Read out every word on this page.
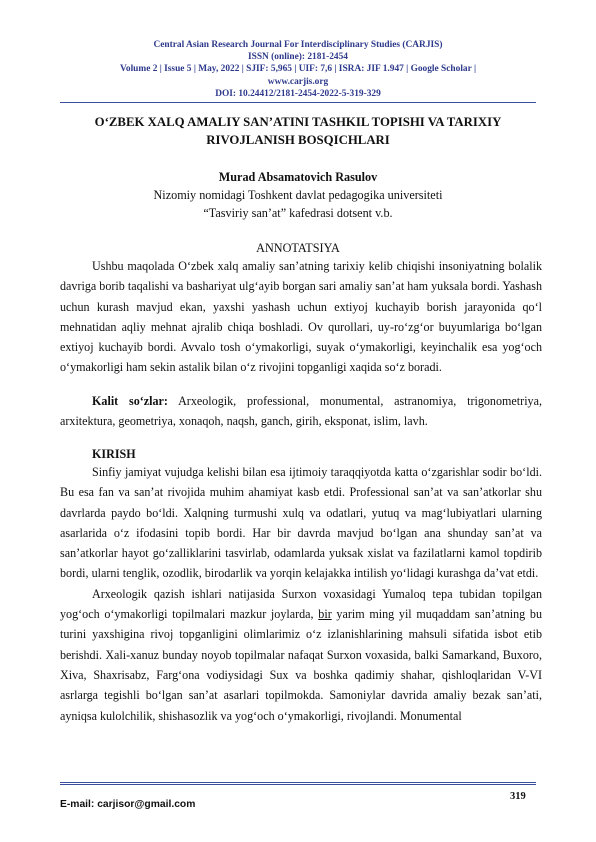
Central Asian Research Journal For Interdisciplinary Studies (CARJIS)
ISSN (online): 2181-2454
Volume 2 | Issue 5 | May, 2022 | SJIF: 5,965 | UIF: 7,6 | ISRA: JIF 1.947 | Google Scholar |
www.carjis.org
DOI: 10.24412/2181-2454-2022-5-319-329
O‘ZBEK XALQ AMALIY SAN’ATINI TASHKIL TOPISHI VA TARIXIY
RIVOJLANISH BOSQICHLARI
Murad Absamatovich Rasulov
Nizomiy nomidagi Toshkent davlat pedagogika universiteti
“Tasviriy san’at” kafedrasi dotsent v.b.
ANNOTATSIYA

Ushbu maqolada O‘zbek xalq amaliy san’atning tarixiy kelib chiqishi insoniyatning bolalik davriga borib taqalishi va bashariyat ulg‘ayib borgan sari amaliy san’at ham yuksala bordi. Yashash uchun kurash mavjud ekan, yaxshi yashash uchun extiyoj kuchayib borish jarayonida qo‘l mehnatidan aqliy mehnat ajralib chiqa boshladi. Ov qurollari, uy-ro‘zg‘or buyumlariga bo‘lgan extiyoj kuchayib bordi. Avvalo tosh o‘ymakorligi, suyak o‘ymakorligi, keyinchalik esa yog‘och o‘ymakorligi ham sekin astalik bilan o‘z rivojini topganligi xaqida so‘z boradi.

Kalit so‘zlar: Arxeologik, professional, monumental, astranomiya, trigonometriya, arxitektura, geometriya, xonaqoh, naqsh, ganch, girih, eksponat, islim, lavh.

KIRISH

Sinfiy jamiyat vujudga kelishi bilan esa ijtimoiy taraqqiyotda katta o‘zgarishlar sodir bo‘ldi. Bu esa fan va san’at rivojida muhim ahamiyat kasb etdi. Professional san’at va san’atkorlar shu davrlarda paydo bo‘ldi. Xalqning turmushi xulq va odatlari, yutuq va mag‘lubiyatlari ularning asarlarida o‘z ifodasini topib bordi. Har bir davrda mavjud bo‘lgan ana shunday san’at va san’atkorlar hayot go‘zalliklarini tasvirlab, odamlarda yuksak xislat va fazilatlarni kamol topdirib bordi, ularni tenglik, ozodlik, birodarlik va yorqin kelajakka intilish yo‘lidagi kurashga da’vat etdi.

Arxeologik qazish ishlari natijasida Surxon voxasidagi Yumaloq tepa tubidan topilgan yog‘och o‘ymakorligi topilmalari mazkur joylarda, bir yarim ming yil muqaddam san’atning bu turini yaxshigina rivoj topganligini olimlarimiz o‘z izlanishlarining mahsuli sifatida isbot etib berishdi. Xali-xanuz bunday noyob topilmalar nafaqat Surxon voxasida, balki Samarkand, Buxoro, Xiva, Shaxrisabz, Farg‘ona vodiysidagi Sux va boshka qadimiy shahar, qishloqlaridan V-VI asrlarga tegishli bo‘lgan san’at asarlari topilmokda. Samoniylar davrida amaliy bezak san’ati, ayniqsa kulolchilik, shishasozlik va yog‘och o‘ymakorligi, rivojlandi. Monumental

319
E-mail: carjisor@gmail.com
